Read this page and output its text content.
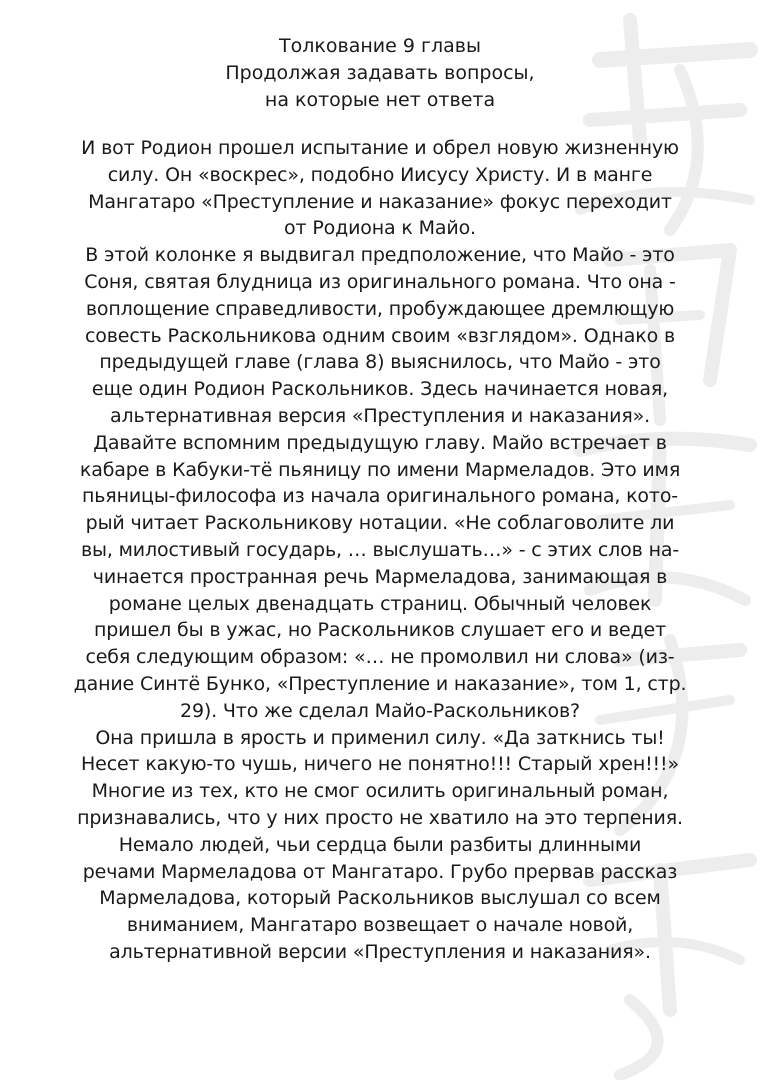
Толкование 9 главы
Продолжая задавать вопросы,
на которые нет ответа
И вот Родион прошел испытание и обрел новую жизненную
силу. Он «воскрес», подобно Иисусу Христу. И в манге
Мангатаро «Преступление и наказание» фокус переходит
от Родиона к Майо.
В этой колонке я выдвигал предположение, что Майо - это
Соня, святая блудница из оригинального романа. Что она -
воплощение справедливости, пробуждающее дремлющую
совесть Раскольникова одним своим «взглядом». Однако в
предыдущей главе (глава 8) выяснилось, что Майо - это
еще один Родион Раскольников. Здесь начинается новая,
альтернативная версия «Преступления и наказания».
Давайте вспомним предыдущую главу. Майо встречает в
кабаре в Кабуки-тё пьяницу по имени Мармеладов. Это имя
пьяницы-философа из начала оригинального романа, кото-
рый читает Раскольникову нотации. «Не соблаговолите ли
вы, милостивый государь, … выслушать…» - с этих слов на-
чинается пространная речь Мармеладова, занимающая в
романе целых двенадцать страниц. Обычный человек
пришел бы в ужас, но Раскольников слушает его и ведет
себя следующим образом: «… не промолвил ни слова» (из-
дание Синтё Бунко, «Преступление и наказание», том 1, стр.
29). Что же сделал Майо-Раскольников?
Она пришла в ярость и применил силу. «Да заткнись ты!
Несет какую-то чушь, ничего не понятно!!! Старый хрен!!!»
Многие из тех, кто не смог осилить оригинальный роман,
признавались, что у них просто не хватило на это терпения.
Немало людей, чьи сердца были разбиты длинными
речами Мармеладова от Мангатаро. Грубо прервав рассказ
Мармеладова, который Раскольников выслушал со всем
вниманием, Мангатаро возвещает о начале новой,
альтернативной версии «Преступления и наказания».
